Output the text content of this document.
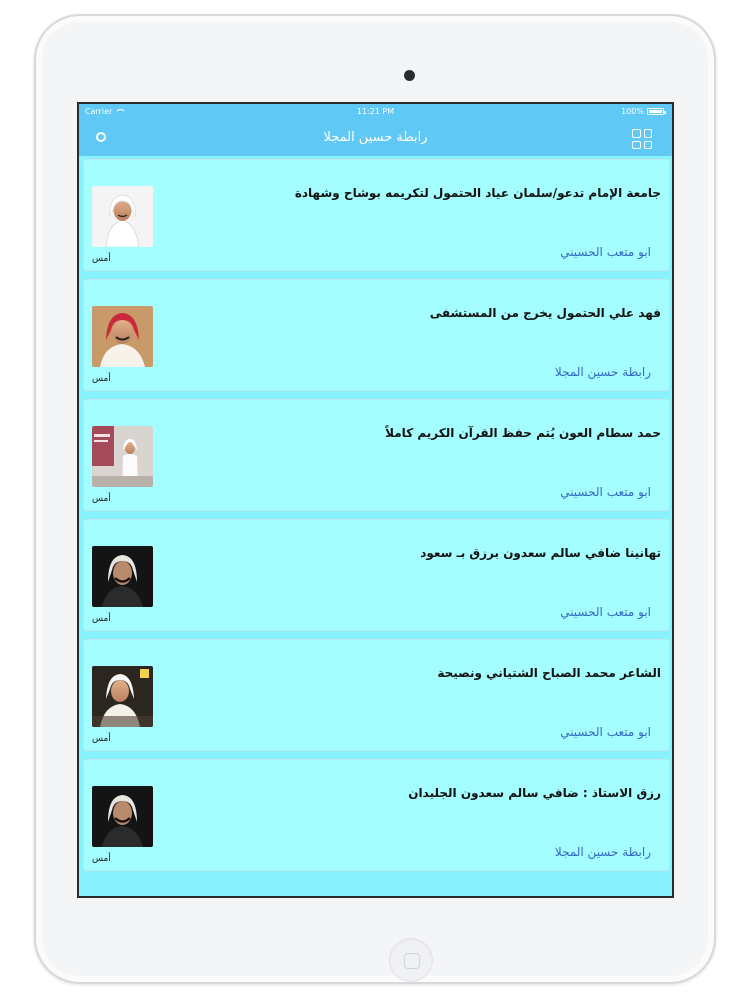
Carrier	11:21 PM	100%
رابطة حسين المجلا
جامعة الإمام تدعو/سلمان عياد الحتمول لتكريمه بوشاح وشهادة
ابو متعب الحسيني
أمس
فهد علي الحتمول يخرج من المستشفى
رابطة حسين المجلا
أمس
حمد سطام العون يُتم حفظ القرآن الكريم كاملاً
ابو متعب الحسيني
أمس
تهانينا ضافي سالم سعدون برزق بـ سعود
ابو متعب الحسيني
أمس
الشاعر محمد الصباح الشتياني ونصيحة
ابو متعب الحسيني
أمس
رزق الاستاذ : ضافي سالم سعدون الجليدان
رابطة حسين المجلا
أمس
